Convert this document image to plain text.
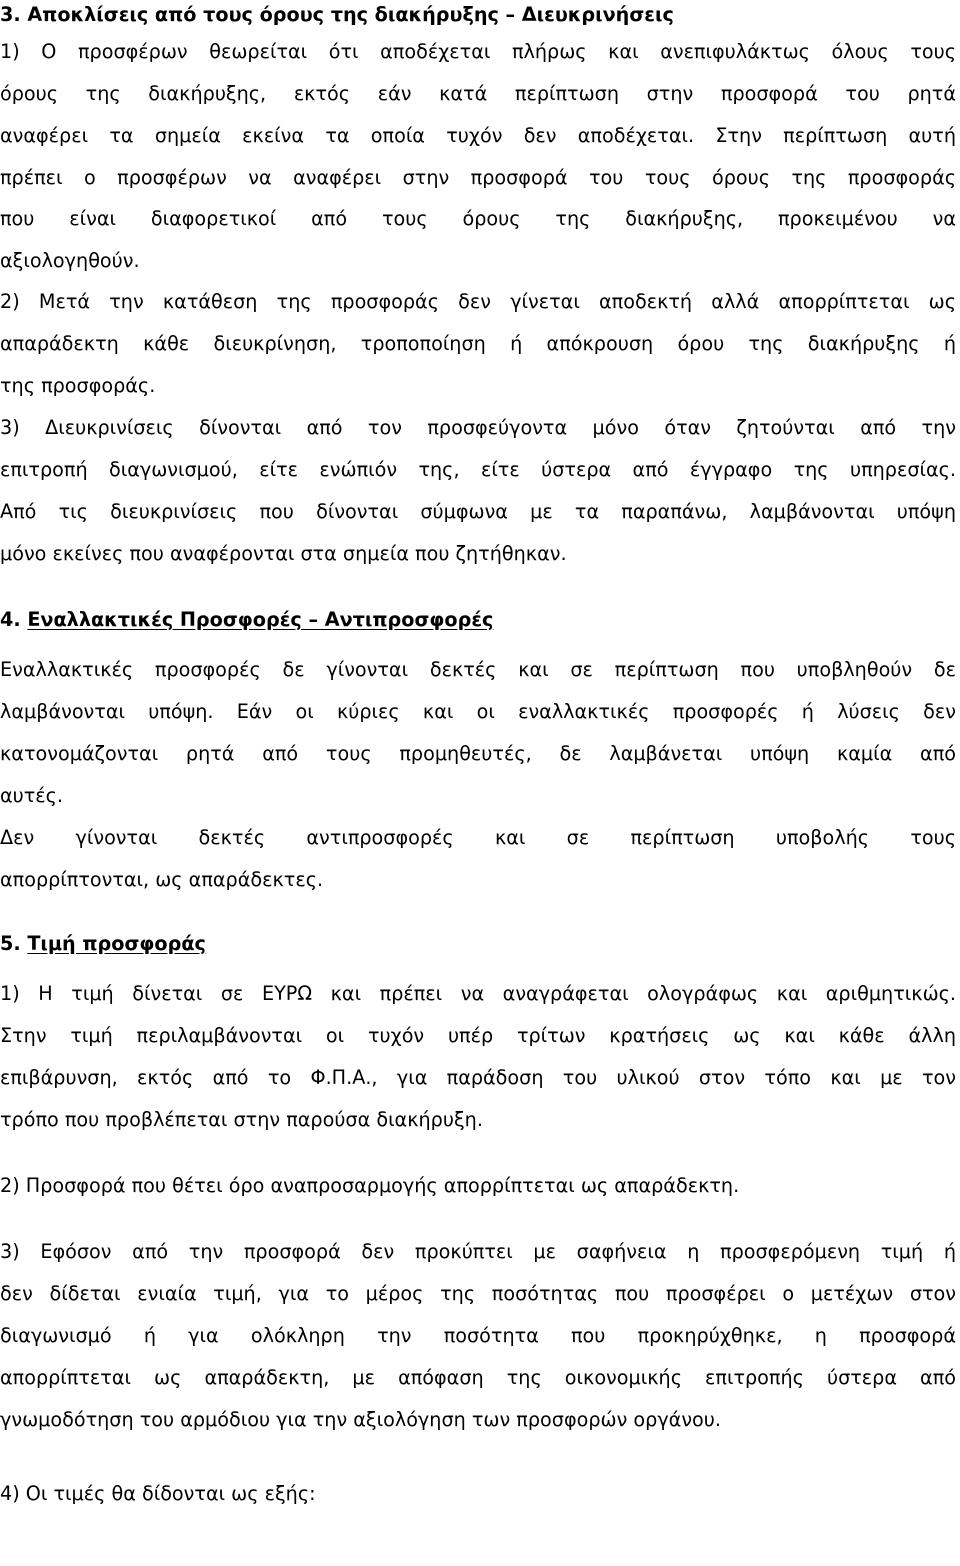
3. Αποκλίσεις από τους όρους της διακήρυξης – Διευκρινήσεις
1) Ο προσφέρων θεωρείται ότι αποδέχεται πλήρως και ανεπιφυλάκτως όλους τους
όρους της διακήρυξης, εκτός εάν κατά περίπτωση στην προσφορά του ρητά
αναφέρει τα σημεία εκείνα τα οποία τυχόν δεν αποδέχεται. Στην περίπτωση αυτή
πρέπει ο προσφέρων να αναφέρει στην προσφορά του τους όρους της προσφοράς
που είναι διαφορετικοί από τους όρους της διακήρυξης, προκειμένου να
αξιολογηθούν.
2) Μετά την κατάθεση της προσφοράς δεν γίνεται αποδεκτή αλλά απορρίπτεται ως
απαράδεκτη κάθε διευκρίνηση, τροποποίηση ή απόκρουση όρου της διακήρυξης ή
της προσφοράς.
3) Διευκρινίσεις δίνονται από τον προσφεύγοντα μόνο όταν ζητούνται από την
επιτροπή διαγωνισμού, είτε ενώπιόν της, είτε ύστερα από έγγραφο της υπηρεσίας.
Από τις διευκρινίσεις που δίνονται σύμφωνα με τα παραπάνω, λαμβάνονται υπόψη
μόνο εκείνες που αναφέρονται στα σημεία που ζητήθηκαν.
4. Εναλλακτικές Προσφορές – Αντιπροσφορές
Εναλλακτικές προσφορές δε γίνονται δεκτές και σε περίπτωση που υποβληθούν δε
λαμβάνονται υπόψη. Εάν οι κύριες και οι εναλλακτικές προσφορές ή λύσεις δεν
κατονομάζονται ρητά από τους προμηθευτές, δε λαμβάνεται υπόψη καμία από
αυτές.
Δεν γίνονται δεκτές αντιπροσφορές και σε περίπτωση υποβολής τους
απορρίπτονται, ως απαράδεκτες.
5. Τιμή προσφοράς
1) Η τιμή δίνεται σε ΕΥΡΩ και πρέπει να αναγράφεται ολογράφως και αριθμητικώς.
Στην τιμή περιλαμβάνονται οι τυχόν υπέρ τρίτων κρατήσεις ως και κάθε άλλη
επιβάρυνση, εκτός από το Φ.Π.Α., για παράδοση του υλικού στον τόπο και με τον
τρόπο που προβλέπεται στην παρούσα διακήρυξη.
2) Προσφορά που θέτει όρο αναπροσαρμογής απορρίπτεται ως απαράδεκτη.
3) Εφόσον από την προσφορά δεν προκύπτει με σαφήνεια η προσφερόμενη τιμή ή
δεν δίδεται ενιαία τιμή, για το μέρος της ποσότητας που προσφέρει ο μετέχων στον
διαγωνισμό ή για ολόκληρη την ποσότητα που προκηρύχθηκε, η προσφορά
απορρίπτεται ως απαράδεκτη, με απόφαση της οικονομικής επιτροπής ύστερα από
γνωμοδότηση του αρμόδιου για την αξιολόγηση των προσφορών οργάνου.
4) Οι τιμές θα δίδονται ως εξής:
